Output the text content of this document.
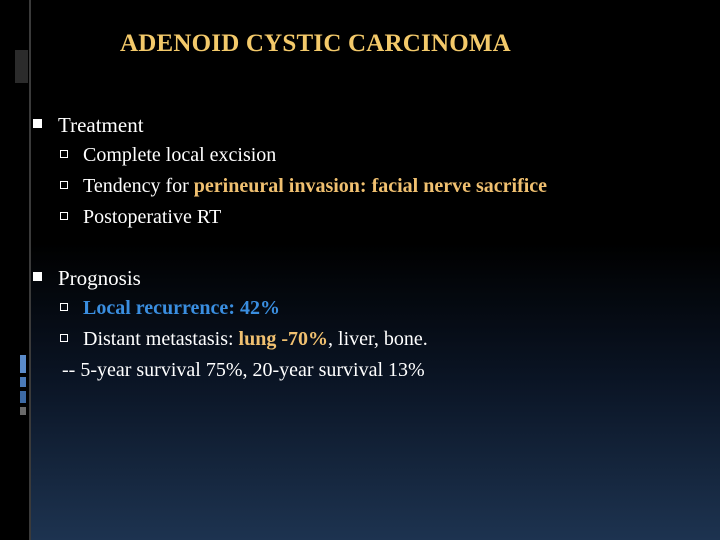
ADENOID CYSTIC CARCINOMA
Treatment
Complete local excision
Tendency for perineural invasion: facial nerve sacrifice
Postoperative RT
Prognosis
Local recurrence: 42%
Distant metastasis: lung -70%, liver, bone.
-- 5-year survival 75%, 20-year survival 13%
